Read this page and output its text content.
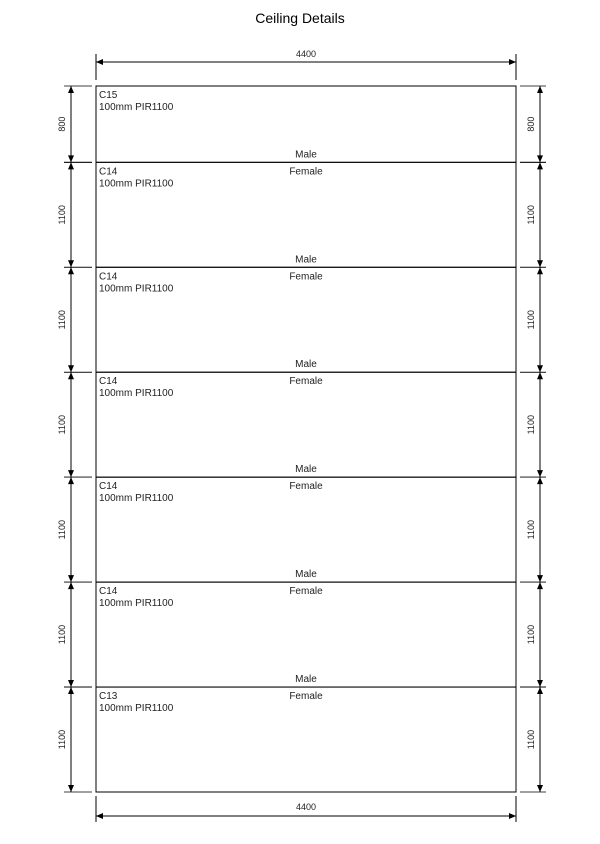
Ceiling Details
4400
4400
C15
100mm PIR1100
Male
C14
100mm PIR1100
Female
Male
C14
100mm PIR1100
Female
Male
C14
100mm PIR1100
Female
Male
C14
100mm PIR1100
Female
Male
C14
100mm PIR1100
Female
Male
C13
100mm PIR1100
Female
800	800
1100	1100
1100	1100
1100	1100
1100	1100
1100	1100
1100	1100
